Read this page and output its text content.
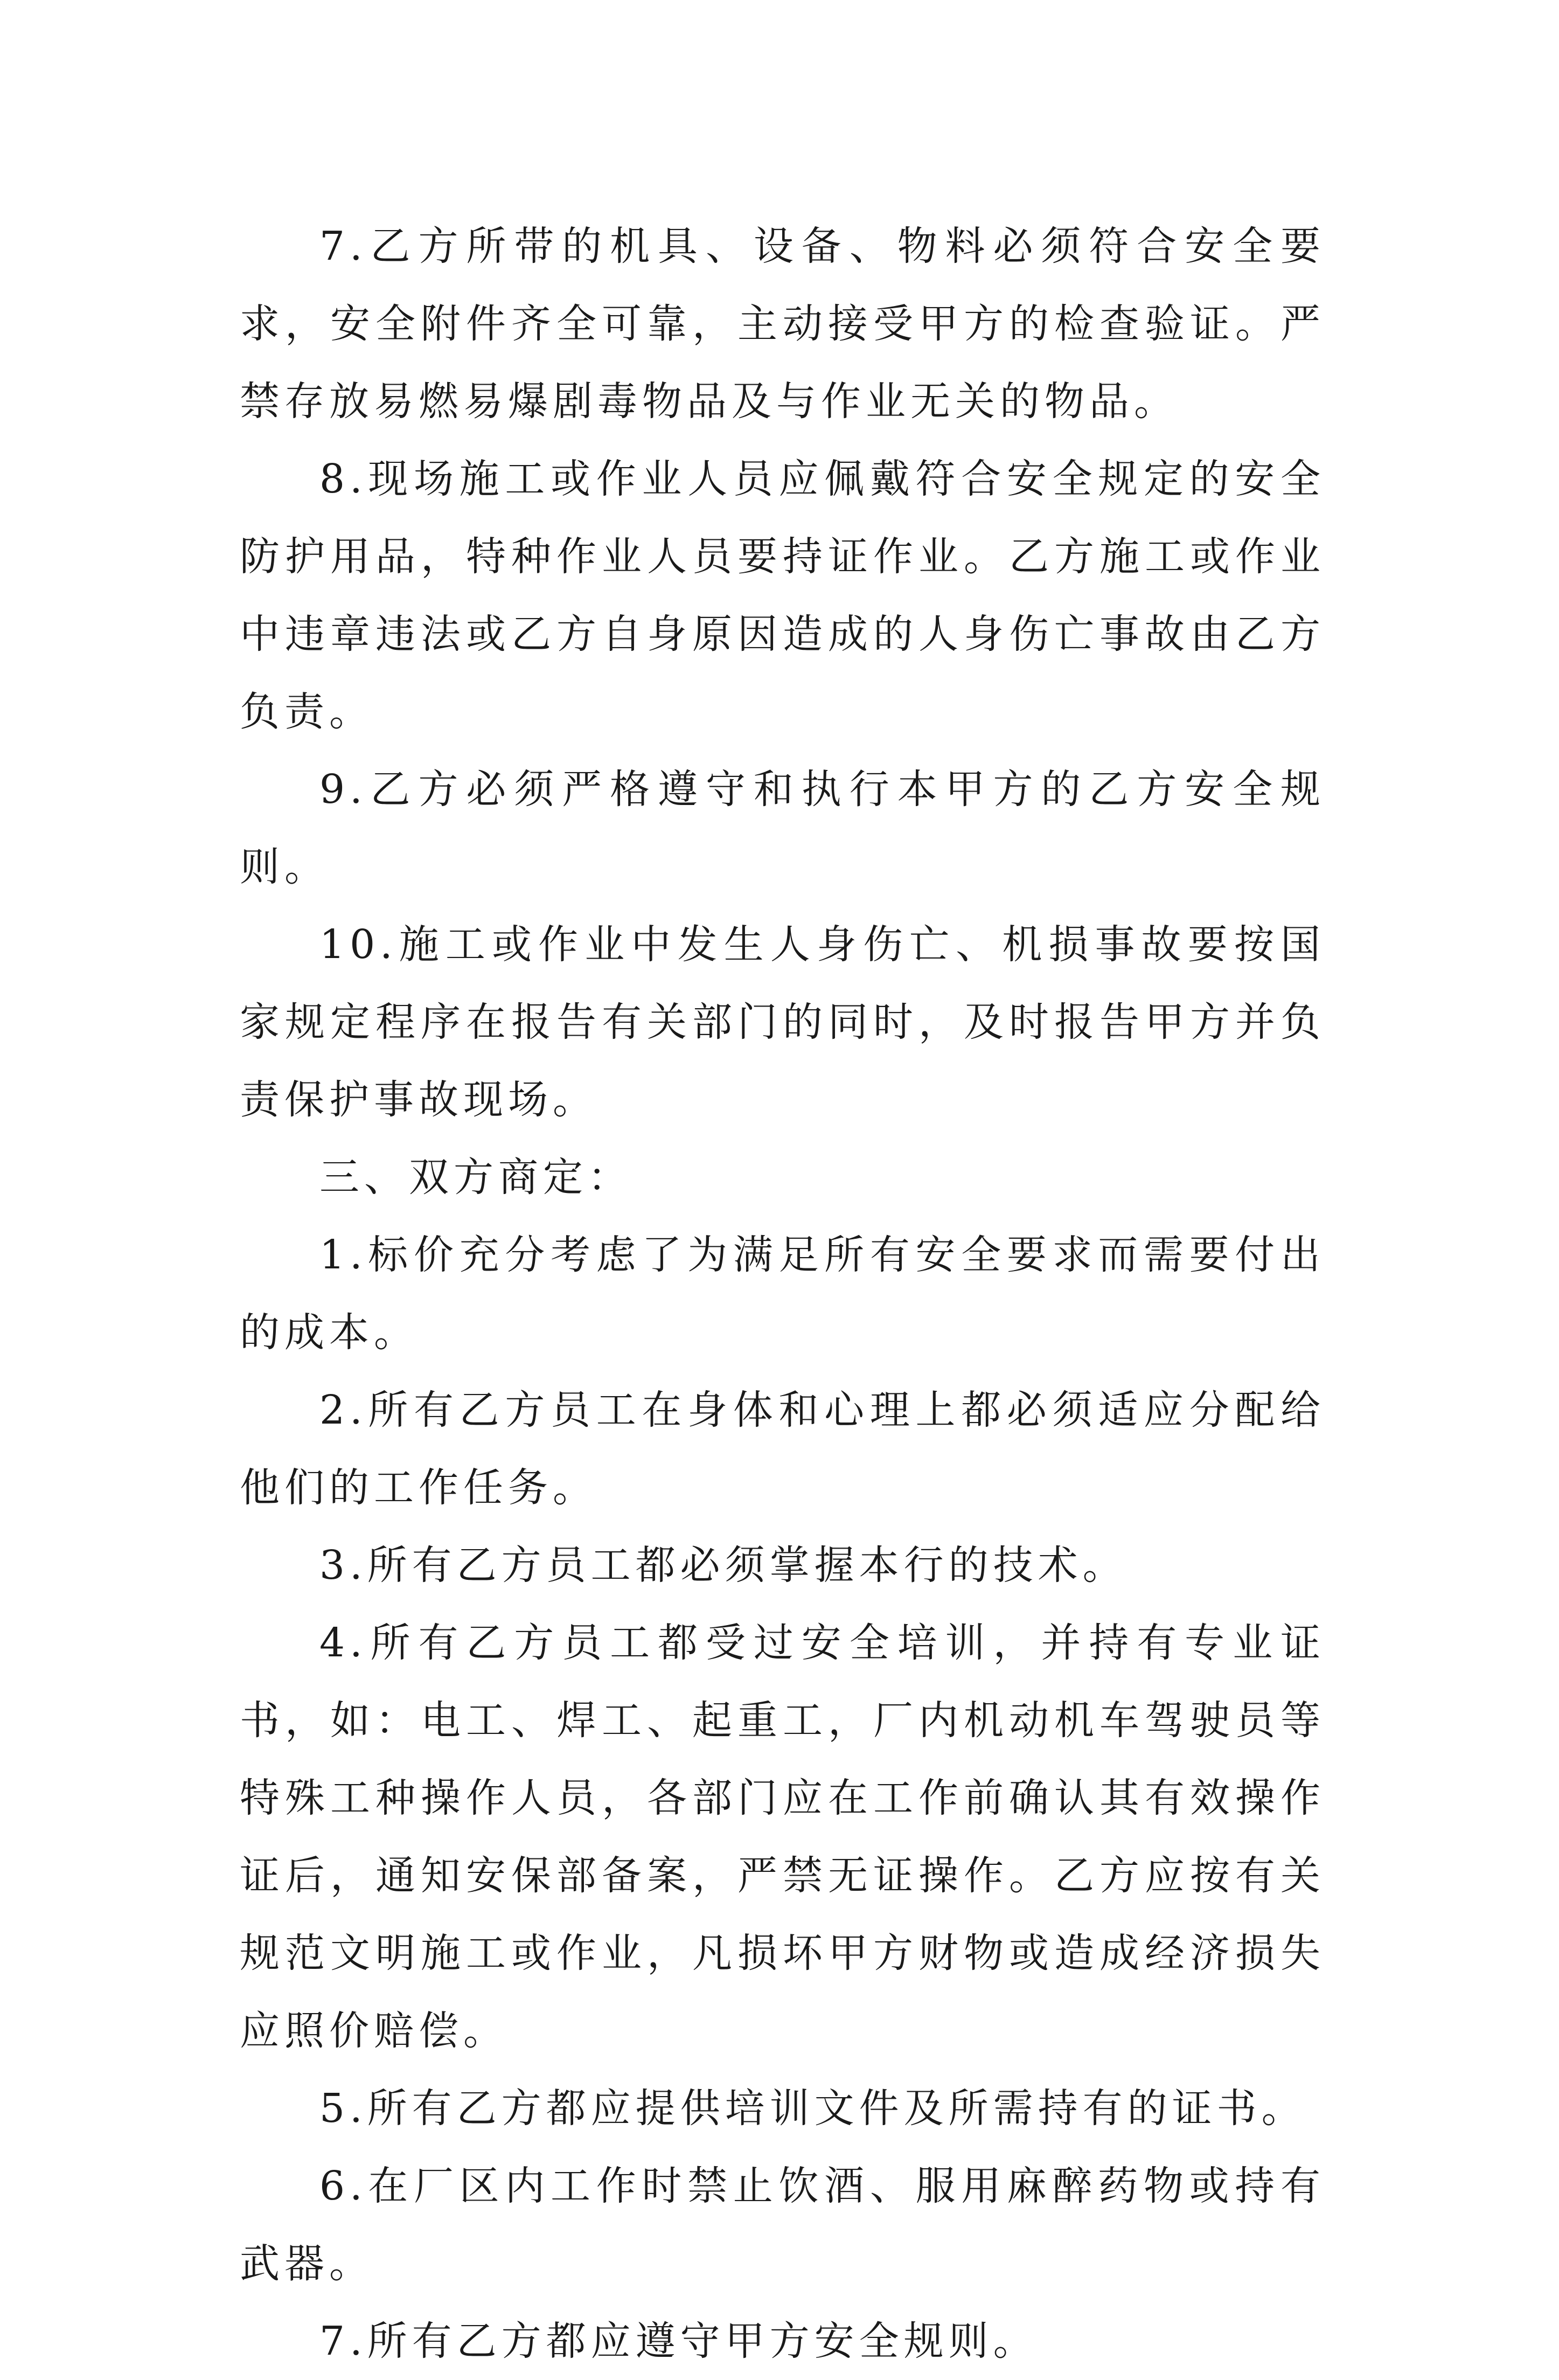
7.乙方所带的机具、设备、物料必须符合安全要求，安全附件齐全可靠，主动接受甲方的检查验证。严禁存放易燃易爆剧毒物品及与作业无关的物品。

8.现场施工或作业人员应佩戴符合安全规定的安全防护用品，特种作业人员要持证作业。乙方施工或作业中违章违法或乙方自身原因造成的人身伤亡事故由乙方负责。

9.乙方必须严格遵守和执行本甲方的乙方安全规则。

10.施工或作业中发生人身伤亡、机损事故要按国家规定程序在报告有关部门的同时，及时报告甲方并负责保护事故现场。

三、双方商定：

1.标价充分考虑了为满足所有安全要求而需要付出的成本。

2.所有乙方员工在身体和心理上都必须适应分配给他们的工作任务。

3.所有乙方员工都必须掌握本行的技术。

4.所有乙方员工都受过安全培训，并持有专业证书，如：电工、焊工、起重工，厂内机动机车驾驶员等特殊工种操作人员，各部门应在工作前确认其有效操作证后，通知安保部备案，严禁无证操作。乙方应按有关规范文明施工或作业，凡损坏甲方财物或造成经济损失应照价赔偿。

5.所有乙方都应提供培训文件及所需持有的证书。

6.在厂区内工作时禁止饮酒、服用麻醉药物或持有武器。

7.所有乙方都应遵守甲方安全规则。
